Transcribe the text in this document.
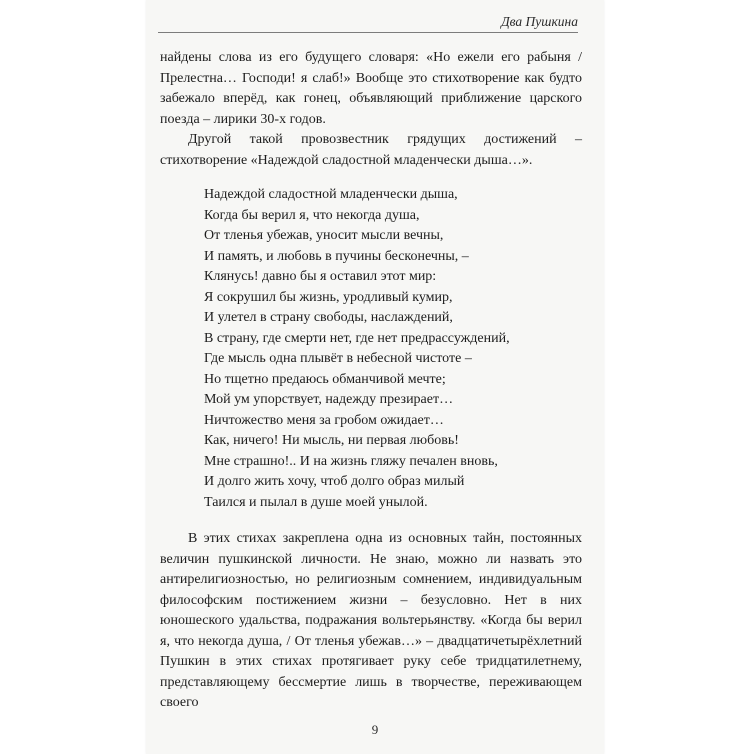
Два Пушкина

найдены слова из его будущего словаря: «Но ежели его рабыня / Прелестна… Господи! я слаб!» Вообще это стихотворение как будто забежало вперёд, как гонец, объявляющий приближение царского поезда – лирики 30-х годов.

Другой такой провозвестник грядущих достижений – стихотворение «Надеждой сладостной младенчески дыша…».

Надеждой сладостной младенчески дыша,
Когда бы верил я, что некогда душа,
От тленья убежав, уносит мысли вечны,
И память, и любовь в пучины бесконечны, –
Клянусь! давно бы я оставил этот мир:
Я сокрушил бы жизнь, уродливый кумир,
И улетел в страну свободы, наслаждений,
В страну, где смерти нет, где нет предрассуждений,
Где мысль одна плывёт в небесной чистоте –
Но тщетно предаюсь обманчивой мечте;
Мой ум упорствует, надежду презирает…
Ничтожество меня за гробом ожидает…
Как, ничего! Ни мысль, ни первая любовь!
Мне страшно!.. И на жизнь гляжу печален вновь,
И долго жить хочу, чтоб долго образ милый
Таился и пылал в душе моей унылой.

В этих стихах закреплена одна из основных тайн, постоянных величин пушкинской личности. Не знаю, можно ли назвать это антирелигиозностью, но религиозным сомнением, индивидуальным философским постижением жизни – безусловно. Нет в них юношеского удальства, подражания вольтерьянству. «Когда бы верил я, что некогда душа, / От тленья убежав…» – двадцатичетырёхлетний Пушкин в этих стихах протягивает руку себе тридцатилетнему, представляющему бессмертие лишь в творчестве, переживающем своего

9
